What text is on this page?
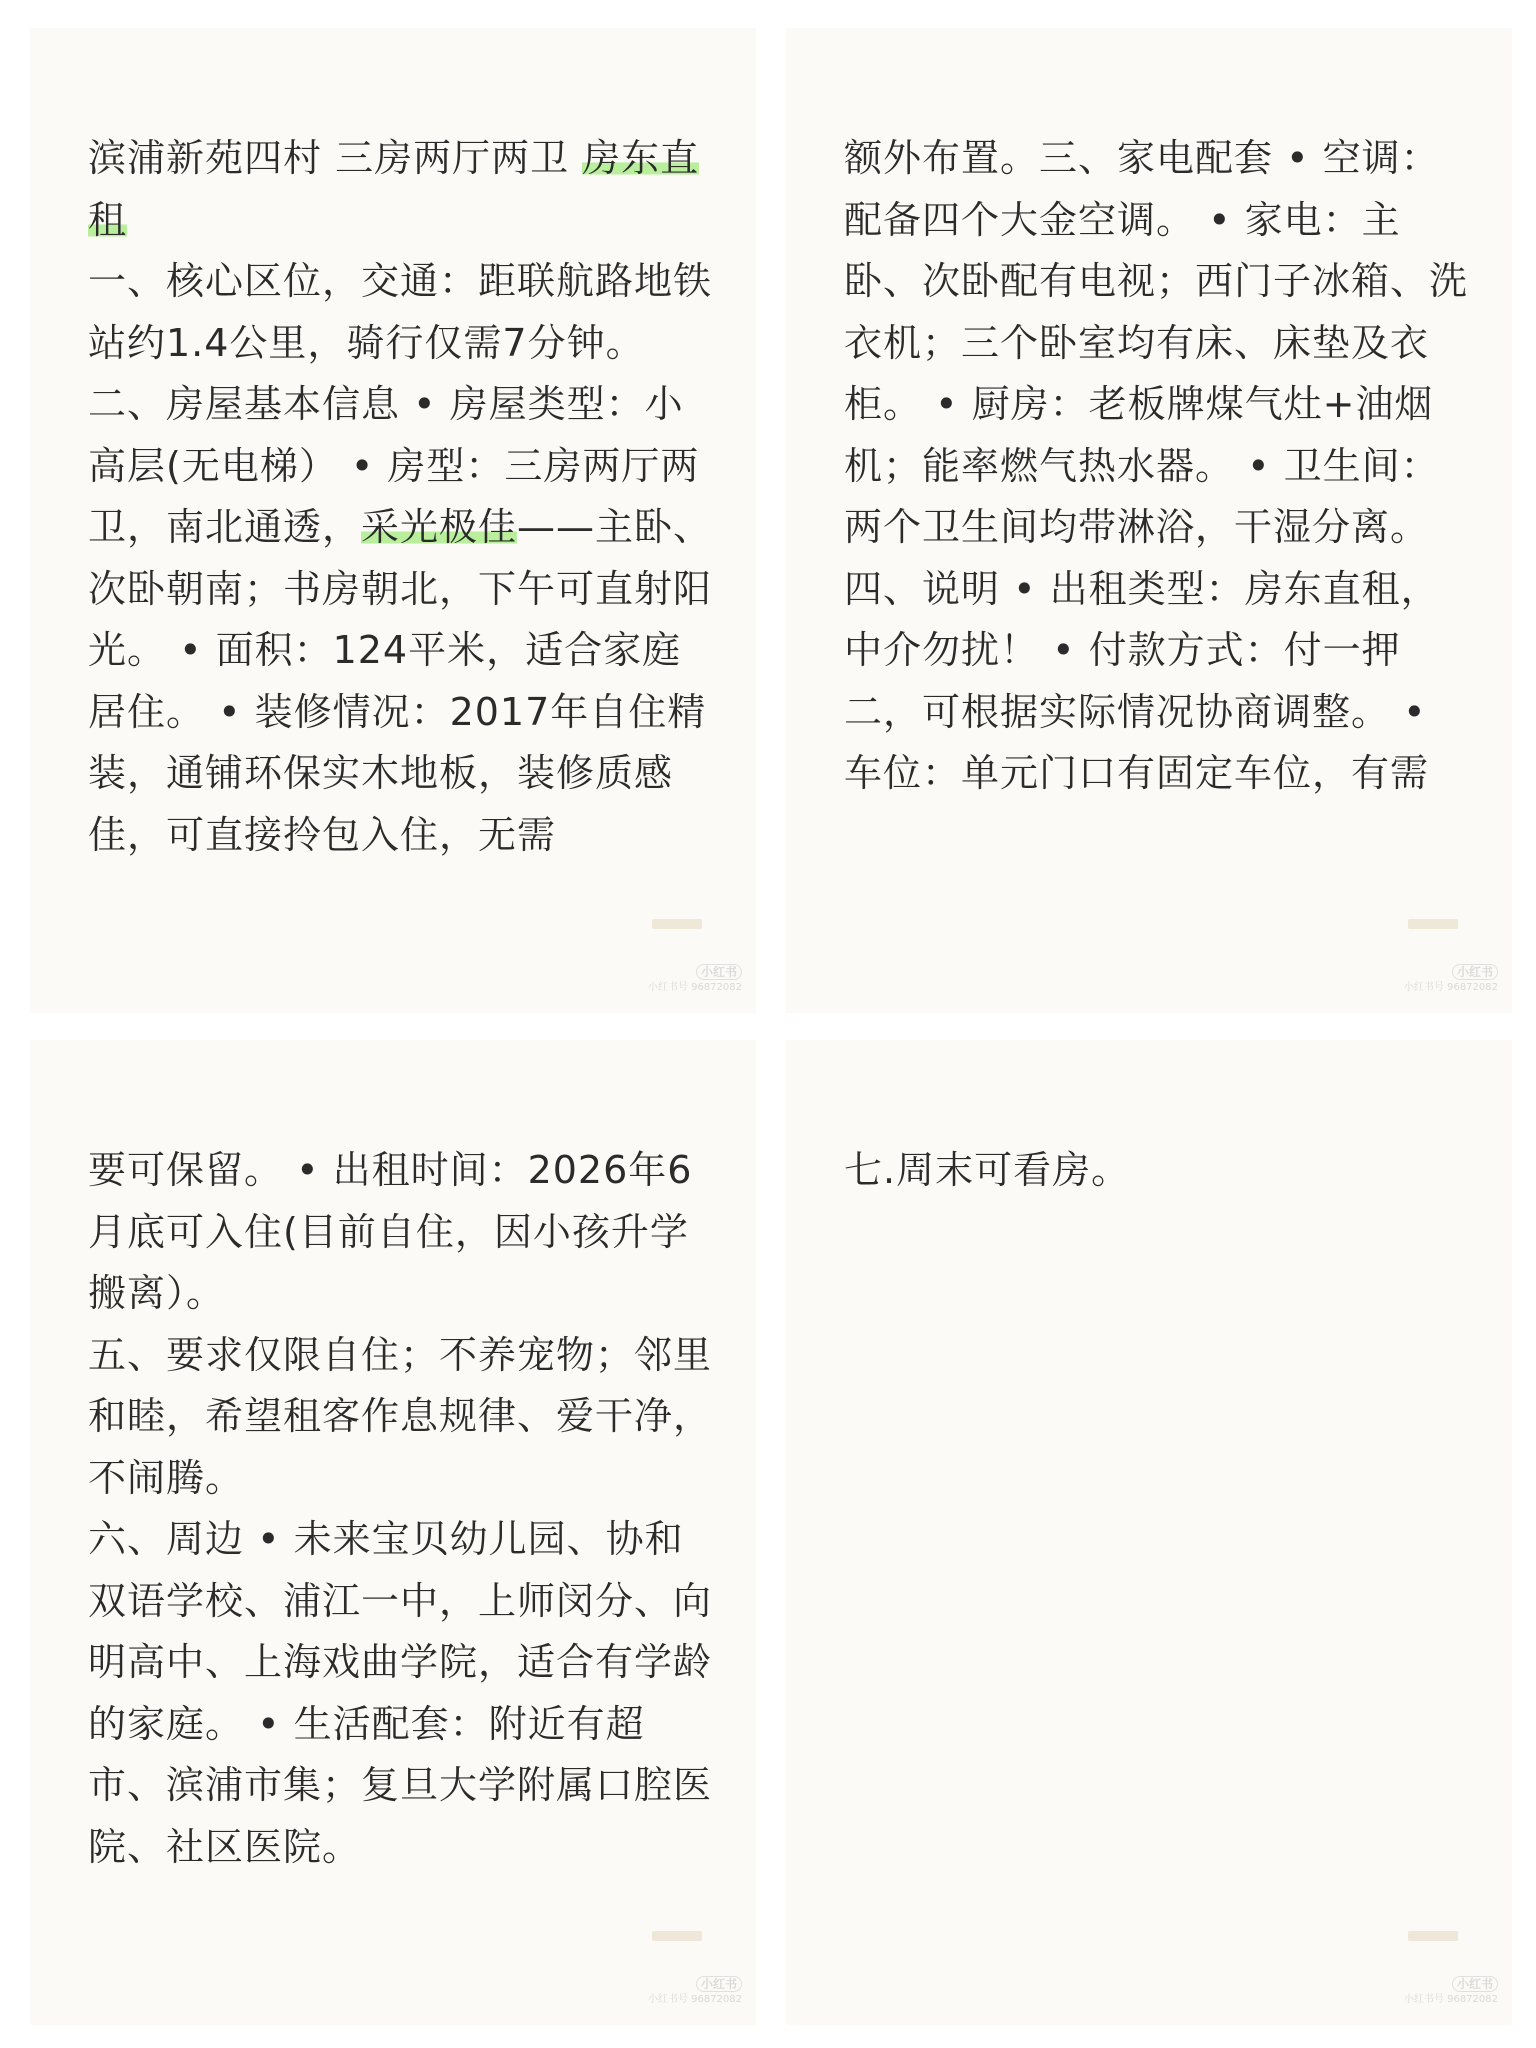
滨浦新苑四村 三房两厅两卫 房东直租
一、核心区位，交通：距联航路地铁站约1.4公里，骑行仅需7分钟。
二、房屋基本信息 • 房屋类型：小高层(无电梯） • 房型：三房两厅两卫，南北通透，采光极佳——主卧、次卧朝南；书房朝北，下午可直射阳光。 • 面积：124平米，适合家庭居住。 • 装修情况：2017年自住精装，通铺环保实木地板，装修质感佳，可直接拎包入住，无需
小红书
小红书号 96872082
额外布置。三、家电配套 • 空调：配备四个大金空调。 • 家电：主卧、次卧配有电视；西门子冰箱、洗衣机；三个卧室均有床、床垫及衣柜。 • 厨房：老板牌煤气灶+油烟机；能率燃气热水器。 • 卫生间：两个卫生间均带淋浴，干湿分离。
四、说明 • 出租类型：房东直租，中介勿扰！ • 付款方式：付一押二，可根据实际情况协商调整。 • 车位：单元门口有固定车位，有需
小红书
小红书号 96872082
要可保留。 • 出租时间：2026年6月底可入住(目前自住，因小孩升学搬离）。
五、要求仅限自住；不养宠物；邻里和睦，希望租客作息规律、爱干净，不闹腾。
六、周边 • 未来宝贝幼儿园、协和双语学校、浦江一中，上师闵分、向明高中、上海戏曲学院，适合有学龄的家庭。 • 生活配套：附近有超市、滨浦市集；复旦大学附属口腔医院、社区医院。
小红书
小红书号 96872082
七.周末可看房。
小红书
小红书号 96872082
